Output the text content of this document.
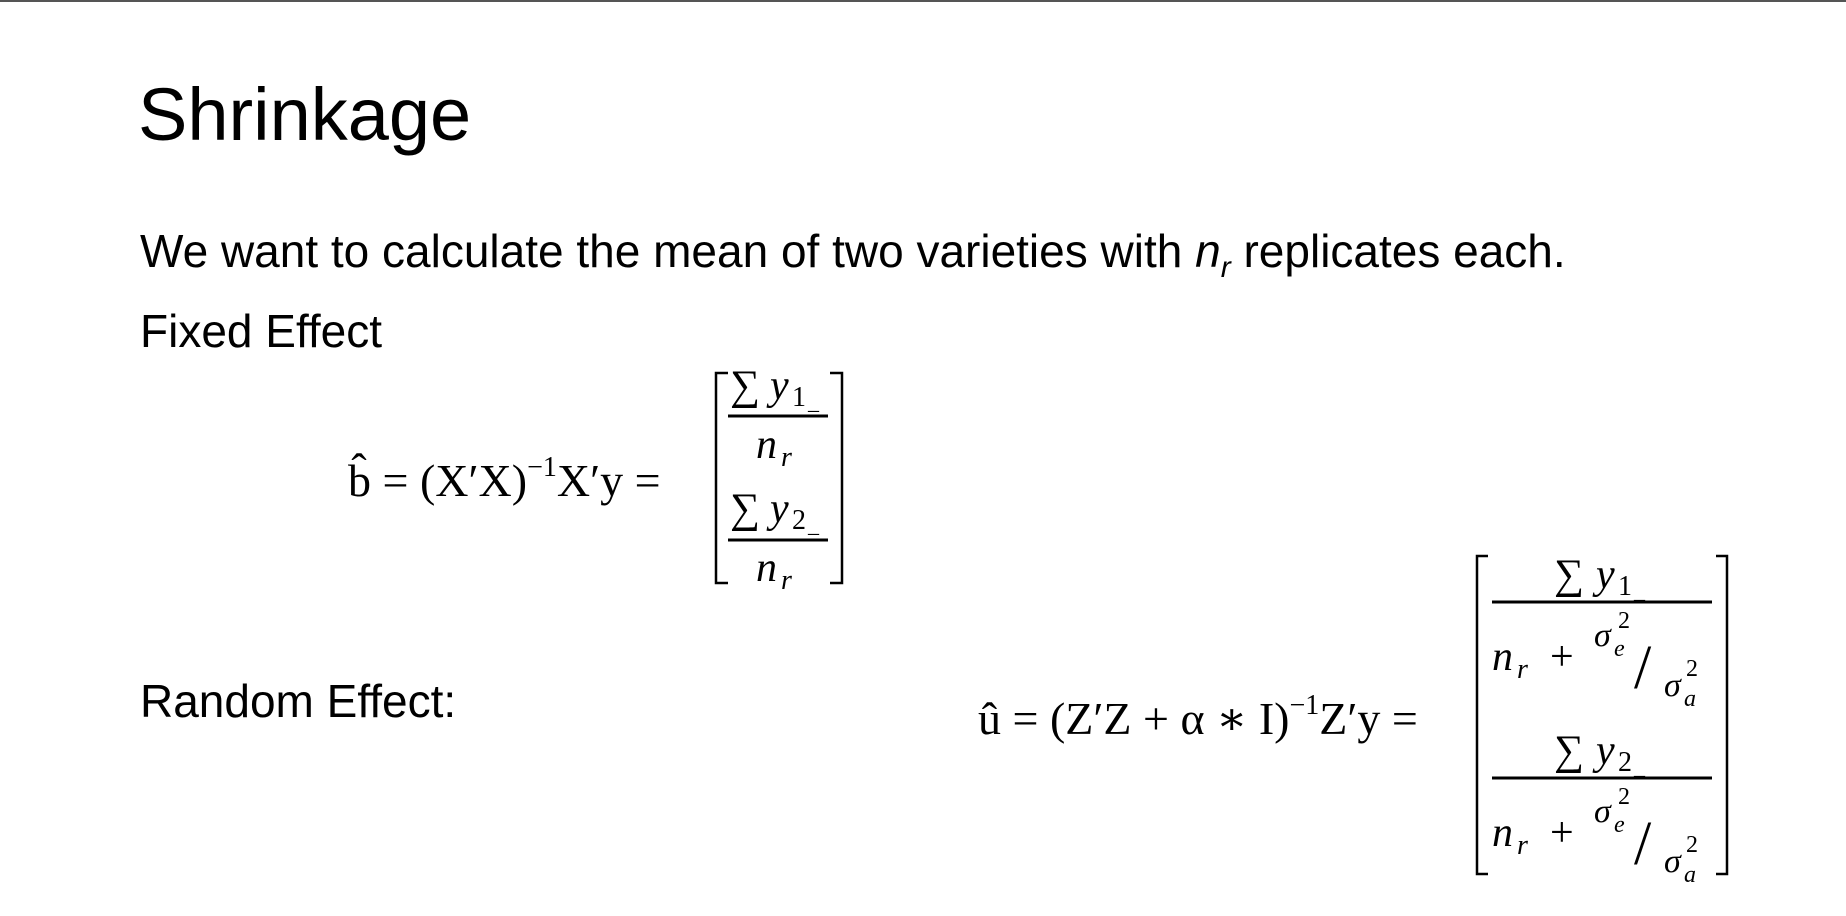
Shrinkage
We want to calculate the mean of two varieties with $n_r$ replicates each.
Fixed Effect
b̂ = $(X'X)^{-1}X'y$ =
∑ y 1 _
n r
∑ y 2 _
n r
Random Effect:	û = (Z′Z + α ∗ I)$^{-1}$Z′y =
∑ y 1 _
n r + σ 2
e / σ 2
a
∑ y 2 _
n r + σ 2
e / σ 2
a
